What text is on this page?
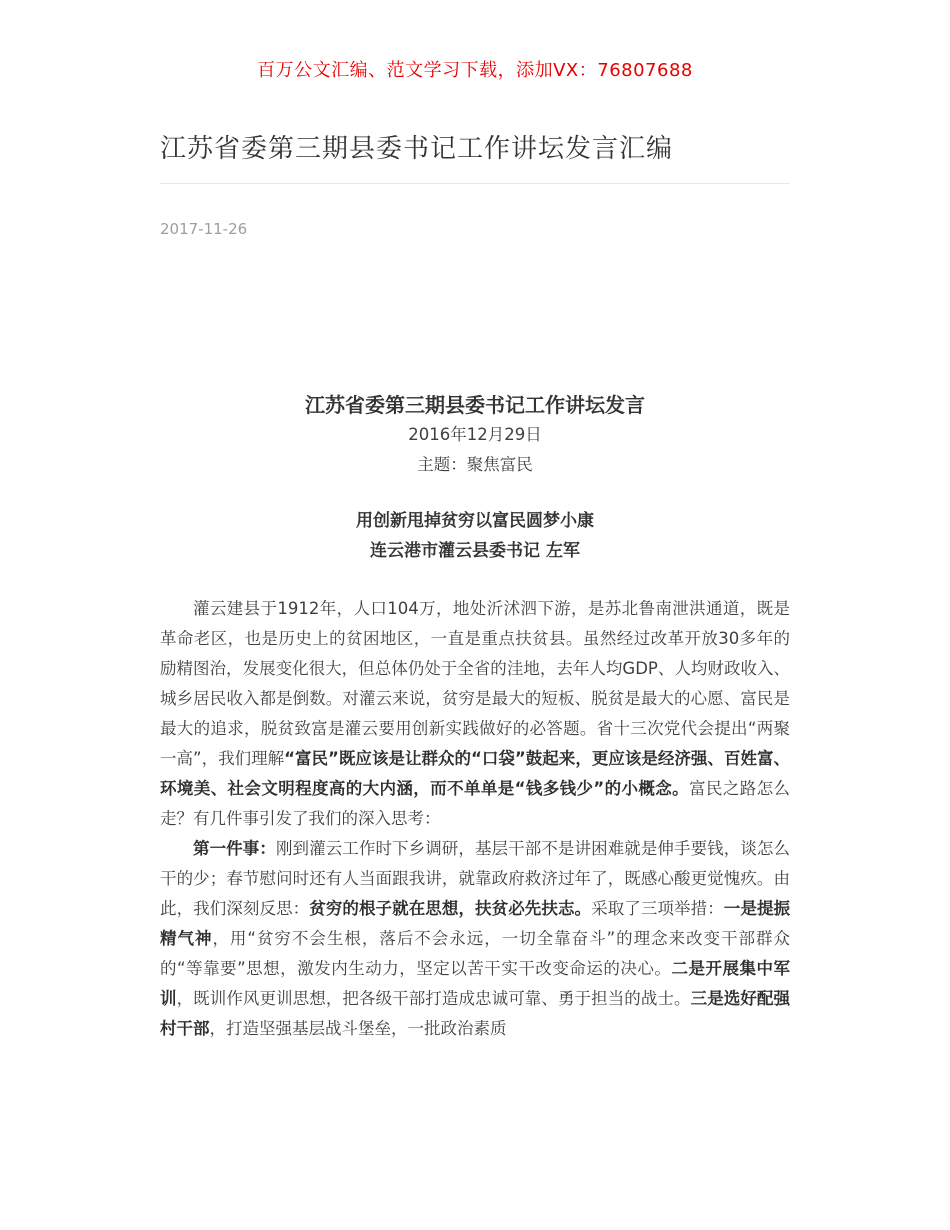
百万公文汇编、范文学习下载，添加VX：76807688
江苏省委第三期县委书记工作讲坛发言汇编
2017-11-26
江苏省委第三期县委书记工作讲坛发言
2016年12月29日
主题：聚焦富民
用创新甩掉贫穷以富民圆梦小康
连云港市灌云县委书记 左军

灌云建县于1912年，人口104万，地处沂沭泗下游，是苏北鲁南泄洪通道，既是革命老区，也是历史上的贫困地区，一直是重点扶贫县。虽然经过改革开放30多年的励精图治，发展变化很大，但总体仍处于全省的洼地，去年人均GDP、人均财政收入、城乡居民收入都是倒数。对灌云来说，贫穷是最大的短板、脱贫是最大的心愿、富民是最大的追求，脱贫致富是灌云要用创新实践做好的必答题。省十三次党代会提出“两聚一高”，我们理解“富民”既应该是让群众的“口袋”鼓起来，更应该是经济强、百姓富、环境美、社会文明程度高的大内涵，而不单单是“钱多钱少”的小概念。富民之路怎么走？有几件事引发了我们的深入思考：

第一件事：刚到灌云工作时下乡调研，基层干部不是讲困难就是伸手要钱，谈怎么干的少；春节慰问时还有人当面跟我讲，就靠政府救济过年了，既感心酸更觉愧疚。由此，我们深刻反思：贫穷的根子就在思想，扶贫必先扶志。采取了三项举措：一是提振精气神，用“贫穷不会生根，落后不会永远，一切全靠奋斗”的理念来改变干部群众的“等靠要”思想，激发内生动力，坚定以苦干实干改变命运的决心。二是开展集中军训，既训作风更训思想，把各级干部打造成忠诚可靠、勇于担当的战士。三是选好配强村干部，打造坚强基层战斗堡垒，一批政治素质
